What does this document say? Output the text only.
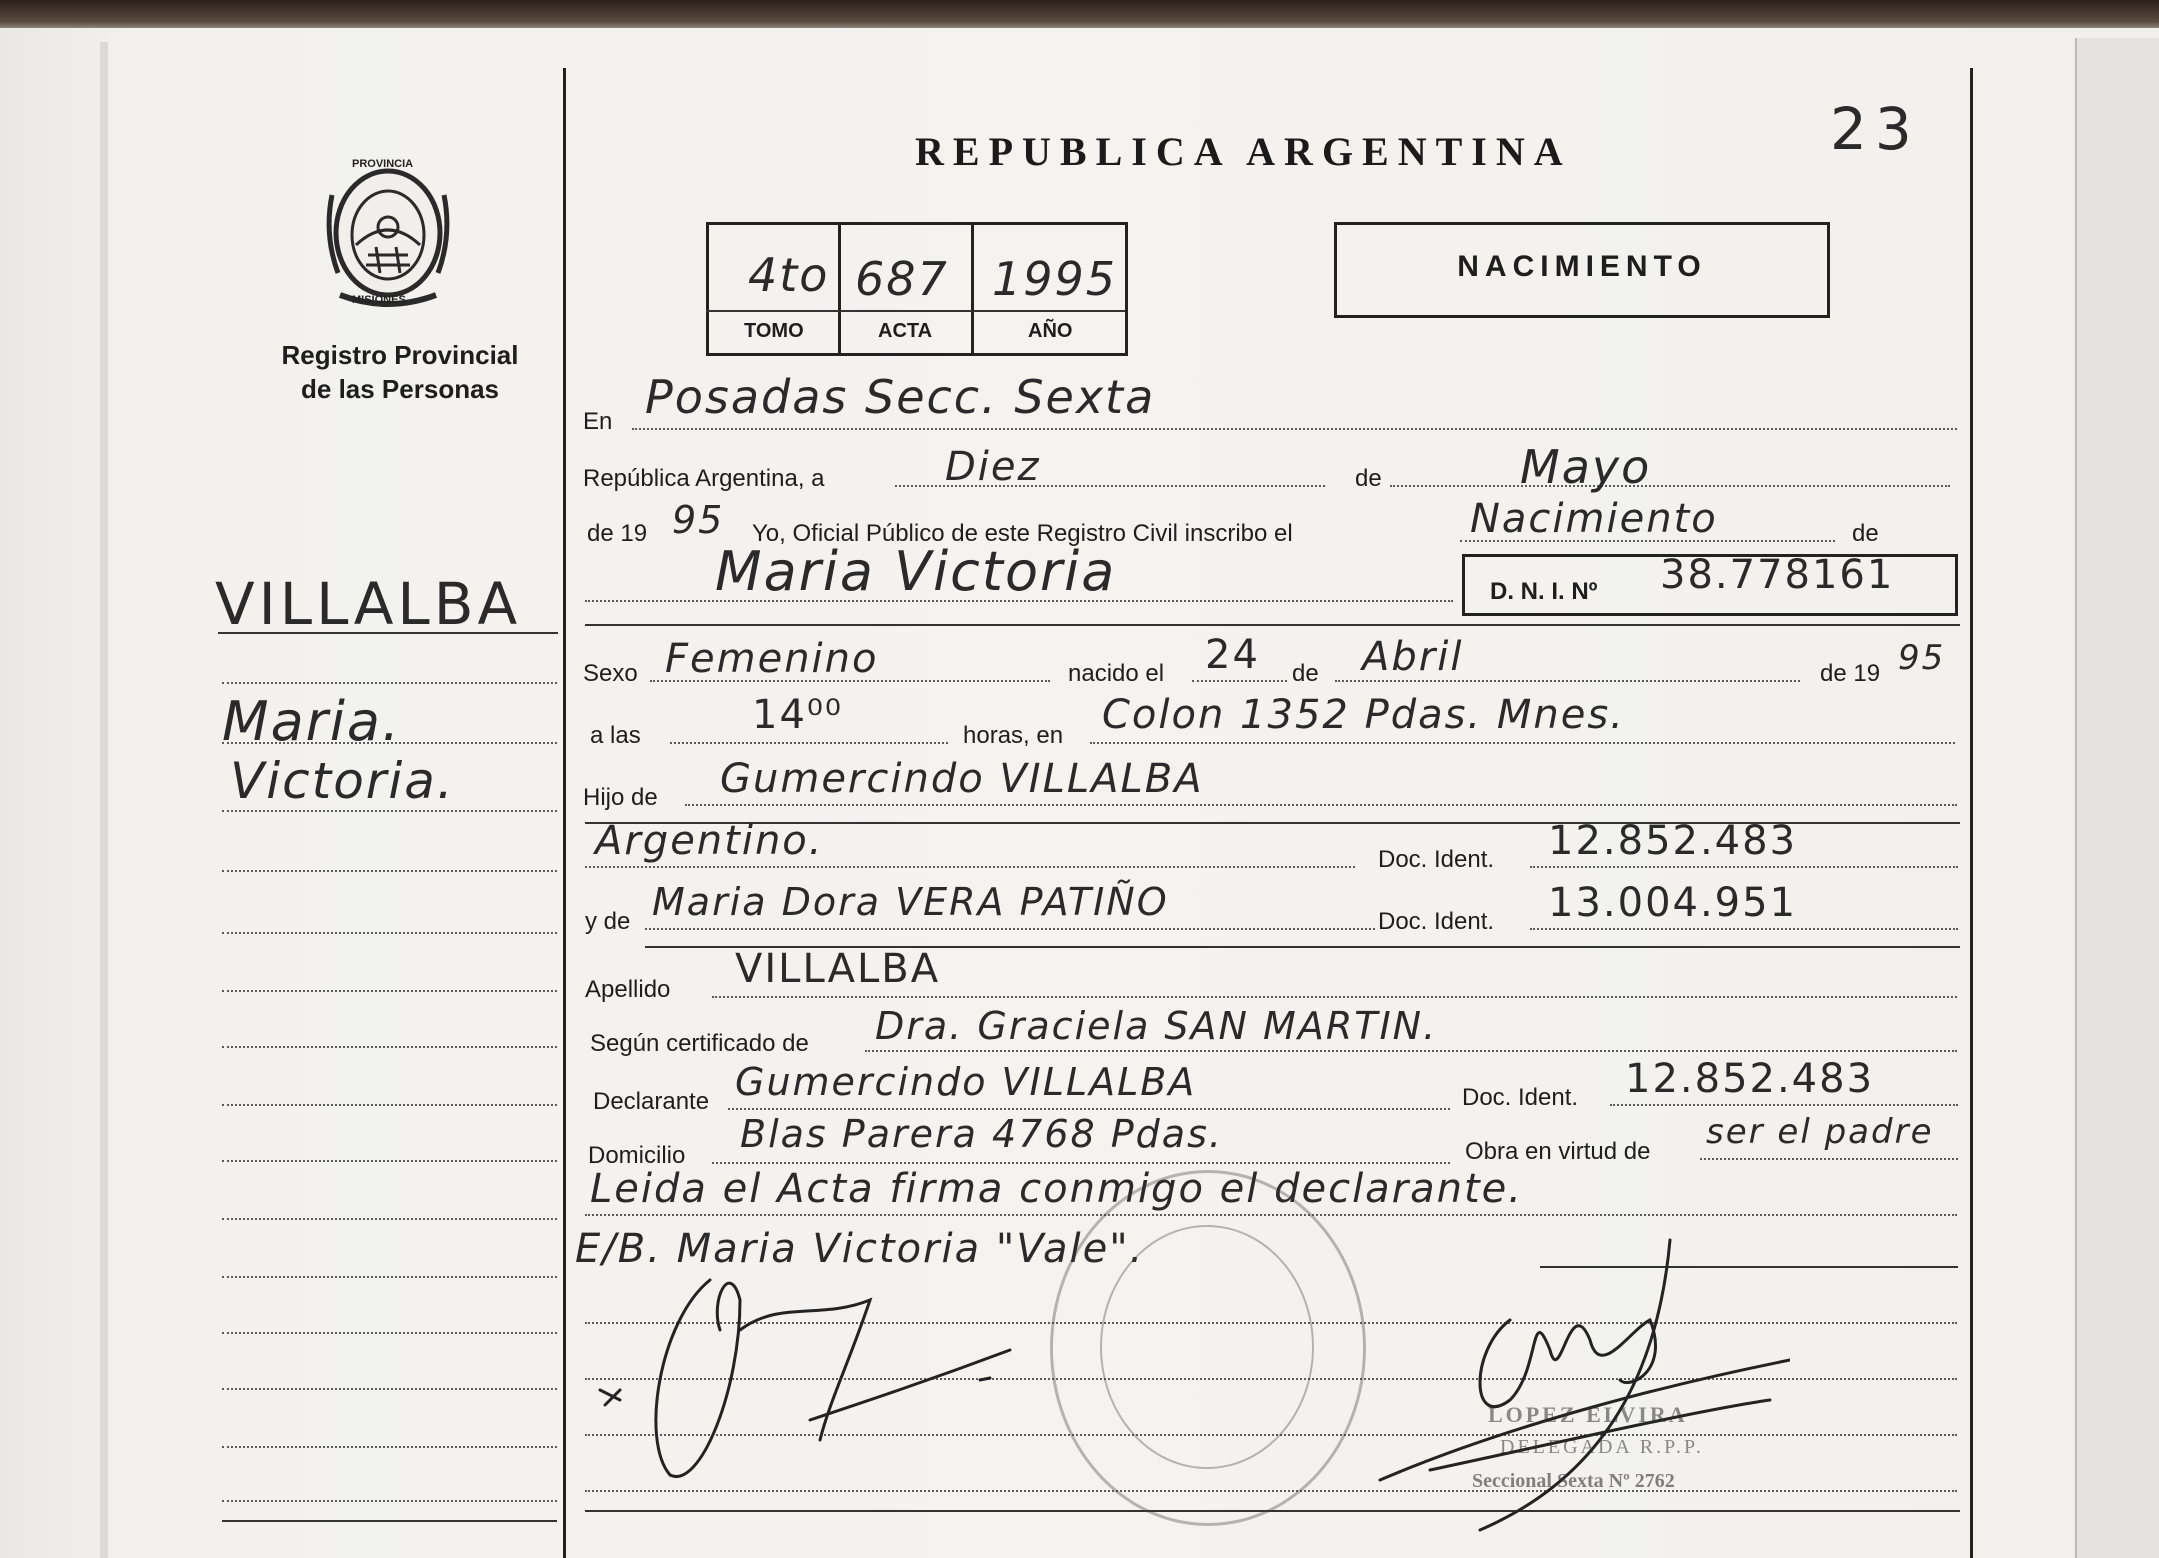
23
PROVINCIA
MISIONES
Registro Provincial
de las Personas
REPUBLICA ARGENTINA
4to 687 1995
TOMO	ACTA	AÑO
NACIMIENTO
VILLALBA
Maria.
Victoria.
En Posadas Secc. Sexta
República Argentina, a	Diez	de	Mayo
de 19 95 Yo, Oficial Público de este Registro Civil inscribo el	Nacimiento	de
Maria Victoria	D. N. I. Nº 38.778161
Sexo Femenino	nacido el 24 de Abril	de 19 95
a las	14⁰⁰	horas, en Colon 1352 Pdas. Mnes.
Hijo de Gumercindo VILLALBA
Argentino.	Doc. Ident. 12.852.483
y de Maria Dora VERA PATIÑO	Doc. Ident. 13.004.951
Apellido VILLALBA
Según certificado de Dra. Graciela SAN MARTIN.
Declarante Gumercindo VILLALBA	Doc. Ident. 12.852.483
Domicilio Blas Parera 4768 Pdas.	Obra en virtud de ser el padre
Leida el Acta firma conmigo el declarante.
E/B. Maria Victoria "Vale".
LOPEZ ELVIRA
DELEGADA R.P.P.
Seccional Sexta Nº 2762
